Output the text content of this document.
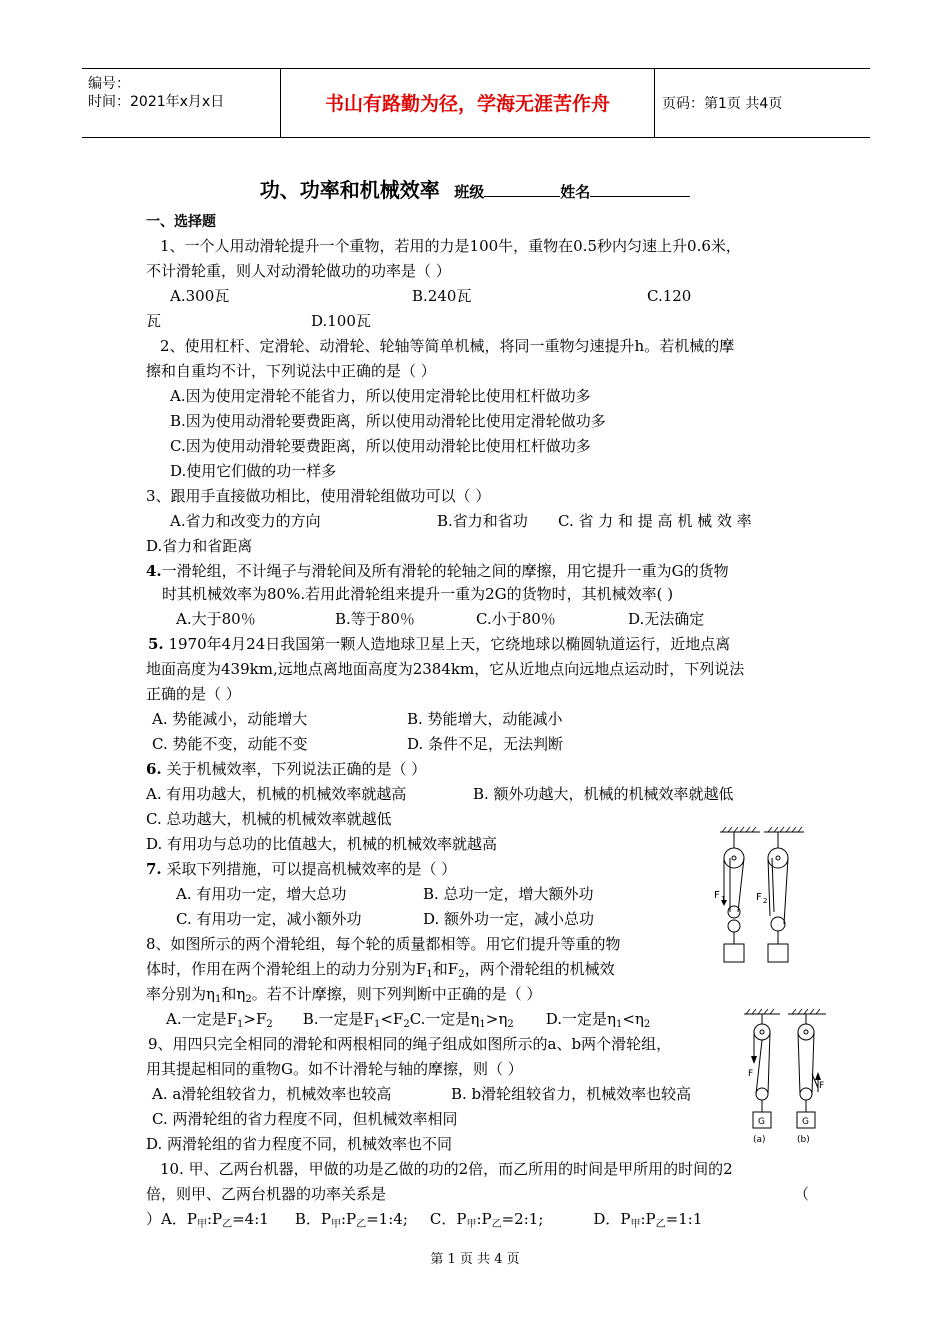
编号：
时间：2021年x月x日	书山有路勤为径，学海无涯苦作舟	页码：第1页 共4页
功、功率和机械效率 班级	姓名
一、选择题
1、一个人用动滑轮提升一个重物，若用的力是100牛，重物在0.5秒内匀速上升0.6米，
不计滑轮重，则人对动滑轮做功的功率是（ ）
A.300瓦	B.240瓦	C.120
瓦	D.100瓦
2、使用杠杆、定滑轮、动滑轮、轮轴等简单机械，将同一重物匀速提升h。若机械的摩
擦和自重均不计，下列说法中正确的是（ ）
A.因为使用定滑轮不能省力，所以使用定滑轮比使用杠杆做功多
B.因为使用动滑轮要费距离，所以使用动滑轮比使用定滑轮做功多
C.因为使用动滑轮要费距离，所以使用动滑轮比使用杠杆做功多
D.使用它们做的功一样多
3、跟用手直接做功相比，使用滑轮组做功可以（ ）
A.省力和改变力的方向	B.省力和省功 C. 省 力 和 提 高 机 械 效 率
D.省力和省距离
4.一滑轮组，不计绳子与滑轮间及所有滑轮的轮轴之间的摩擦，用它提升一重为G的货物
时其机械效率为80%.若用此滑轮组来提升一重为2G的货物时，其机械效率( )
A.大于80％	B.等于80％	C.小于80％	D.无法确定
5. 1970年4月24日我国第一颗人造地球卫星上天，它绕地球以椭圆轨道运行，近地点离
地面高度为439km,远地点离地面高度为2384km，它从近地点向远地点运动时，下列说法
正确的是（ ）
A. 势能减小，动能增大	B. 势能增大，动能减小
C. 势能不变，动能不变	D. 条件不足，无法判断
6. 关于机械效率，下列说法正确的是（ ）
A. 有用功越大，机械的机械效率就越高	B. 额外功越大，机械的机械效率就越低
C. 总功越大，机械的机械效率就越低
D. 有用功与总功的比值越大，机械的机械效率就越高
7. 采取下列措施，可以提高机械效率的是（ ）
A. 有用功一定，增大总功	B. 总功一定，增大额外功
C. 有用功一定，减小额外功	D. 额外功一定，减小总功
8、如图所示的两个滑轮组，每个轮的质量都相等。用它们提升等重的物
体时，作用在两个滑轮组上的动力分别为$F_1$和$F_2$，两个滑轮组的机械效
率分别为$\eta_1$和$\eta_2$。若不计摩擦，则下列判断中正确的是（ ）
A.一定是$F_1>F_2$ B.一定是$F_1<F_2C$.一定是$\eta_1>\eta_2$ D.一定是$\eta_1<\eta_2$
9、用四只完全相同的滑轮和两根相同的绳子组成如图所示的a、b两个滑轮组，
用其提起相同的重物G。如不计滑轮与轴的摩擦，则（ ）
A. a滑轮组较省力，机械效率也较高	B. b滑轮组较省力，机械效率也较高
C. 两滑轮组的省力程度不同，但机械效率相同
D. 两滑轮组的省力程度不同，机械效率也不同
10. 甲、乙两台机器，甲做的功是乙做的功的2倍，而乙所用的时间是甲所用的时间的2
倍，则甲、乙两台机器的功率关系是	（
）A．$P_甲:P_乙=4:1$ B．$P_甲:P_乙=1:4$; C．$P_甲:P_乙=2:1$;	D．$P_甲:P_乙=1:1$
F 1	F 2
F
F
G	G
(a)	(b)
第 1 页 共 4 页
